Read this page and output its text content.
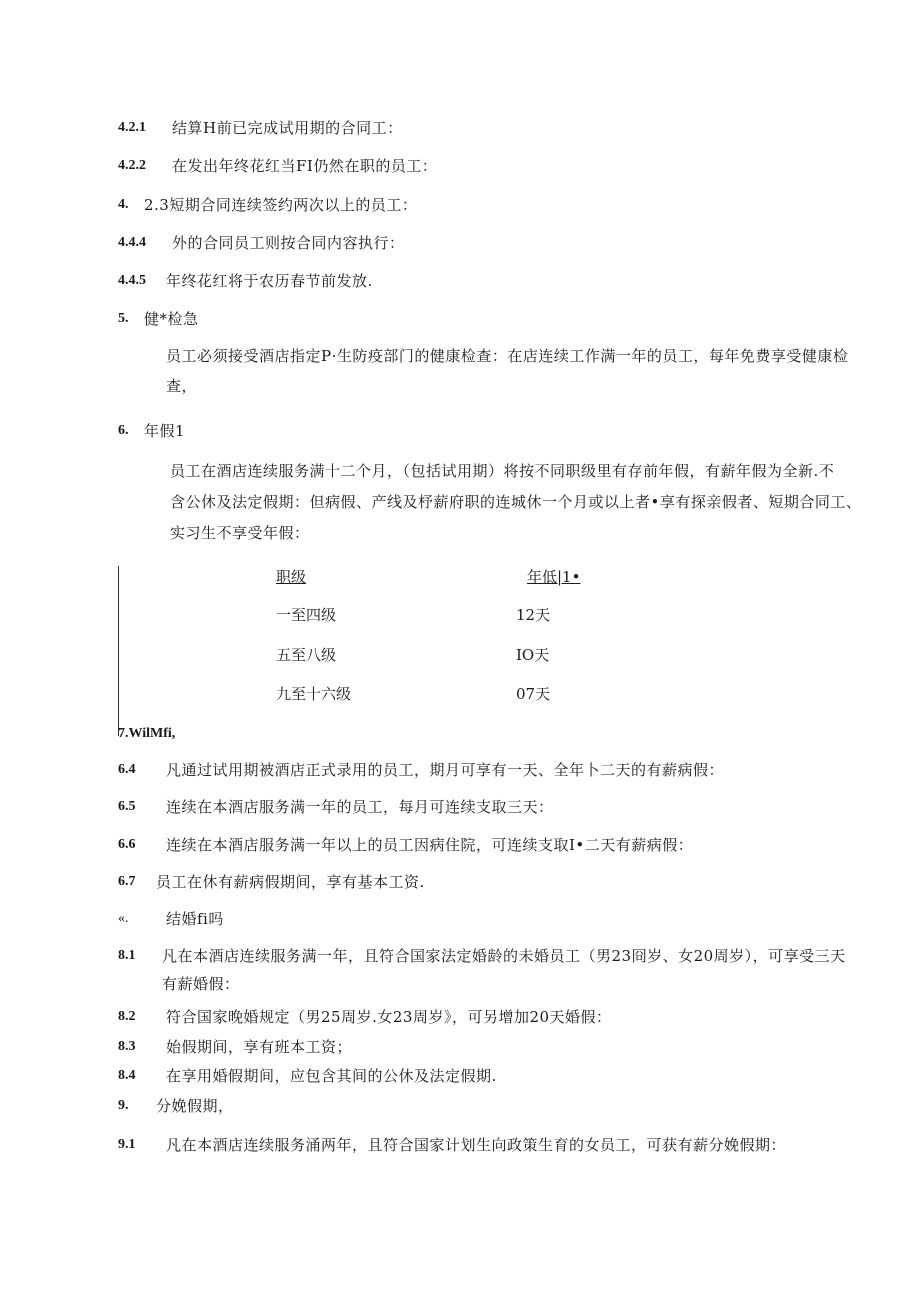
4.2.1 结算H前已完成试用期的合同工：
4.2.2 在发出年终花红当FI仍然在职的员工：
4. 2.3短期合同连续签约两次以上的员工：
4.4.4 外的合同员工则按合同内容执行：
4.4.5 年终花红将于农历春节前发放.
5. 健*检急
员工必须接受酒店指定P·生防疫部门的健康检查：在店连续工作满一年的员工，每年免费享受健康检
查，
6. 年假1
员工在酒店连续服务满十二个月，（包括试用期）将按不同职级里有存前年假，有薪年假为全新.不
含公休及法定假期：但病假、产线及杼薪府职的连城休一个月或以上者•享有探亲假者、短期合同工、
实习生不享受年假：
职级	年低|1•
一至四级	12天
五至八级	IO天
九至十六级	07天
7.WilMfi,
6.4 凡通过试用期被酒店正式录用的员工，期月可享有一天、全年卜二天的有薪病假：
6.5 连续在本酒店服务满一年的员工，每月可连续支取三天：
6.6 连续在本酒店服务满一年以上的员工因病住院，可连续支取I•二天有薪病假：
6.7 员工在休有薪病假期间，享有基本工资.
«.	结婚fi吗
8.1 凡在本酒店连续服务满一年，且符合国家法定婚龄的未婚员工（男23冏岁、女20周岁），可享受三天
有薪婚假：
8.2 符合国家晚婚规定（男25周岁.女23周岁》，可另增加20天婚假：
8.3 始假期间，享有班本工资；
8.4 在享用婚假期间，应包含其间的公休及法定假期.
9. 分娩假期，
9.1 凡在本酒店连续服务涌两年，且符合国家计划生向政策生育的女员工，可获有薪分娩假期：
